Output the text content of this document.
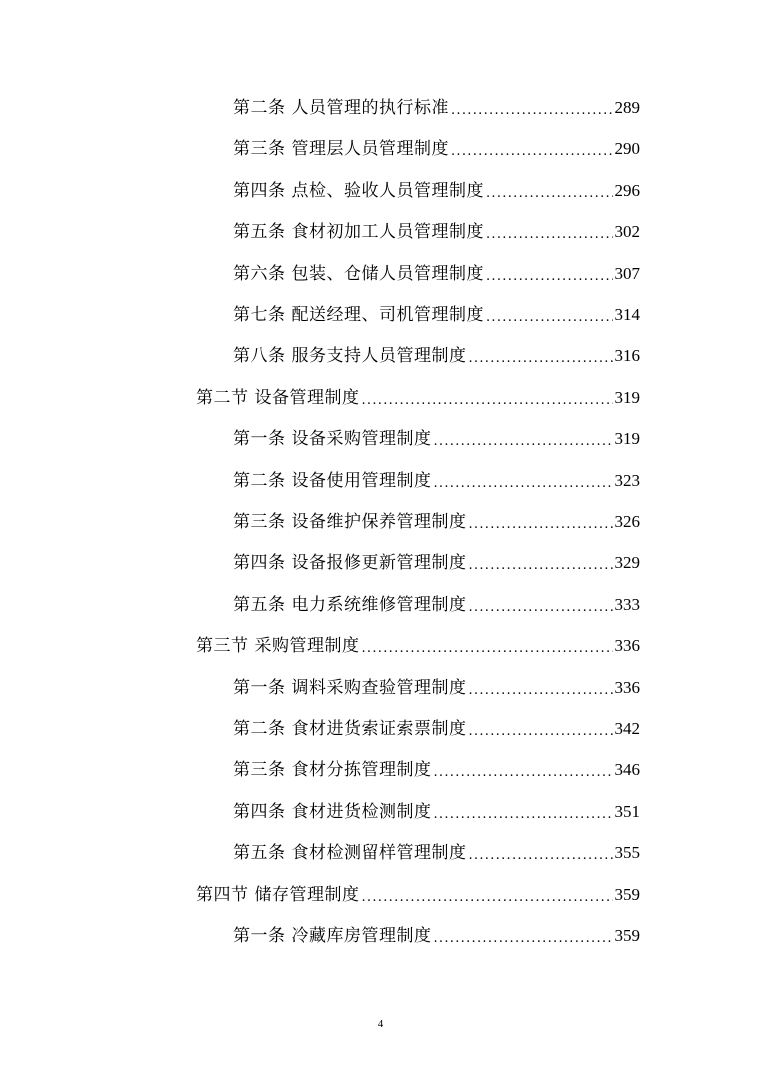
第二条 人员管理的执行标准 .....	289
第三条 管理层人员管理制度 .....	290
第四条 点检、验收人员管理制度 .....	296
第五条 食材初加工人员管理制度 .....	302
第六条 包装、仓储人员管理制度 .....	307
第七条 配送经理、司机管理制度 .....	314
第八条 服务支持人员管理制度 .....	316
第二节 设备管理制度 .....	319
第一条 设备采购管理制度 .....	319
第二条 设备使用管理制度 .....	323
第三条 设备维护保养管理制度 .....	326
第四条 设备报修更新管理制度 .....	329
第五条 电力系统维修管理制度 .....	333
第三节 采购管理制度 .....	336
第一条 调料采购查验管理制度 .....	336
第二条 食材进货索证索票制度 .....	342
第三条 食材分拣管理制度 .....	346
第四条 食材进货检测制度 .....	351
第五条 食材检测留样管理制度 .....	355
第四节 储存管理制度 .....	359
第一条 冷藏库房管理制度 .....	359
4
